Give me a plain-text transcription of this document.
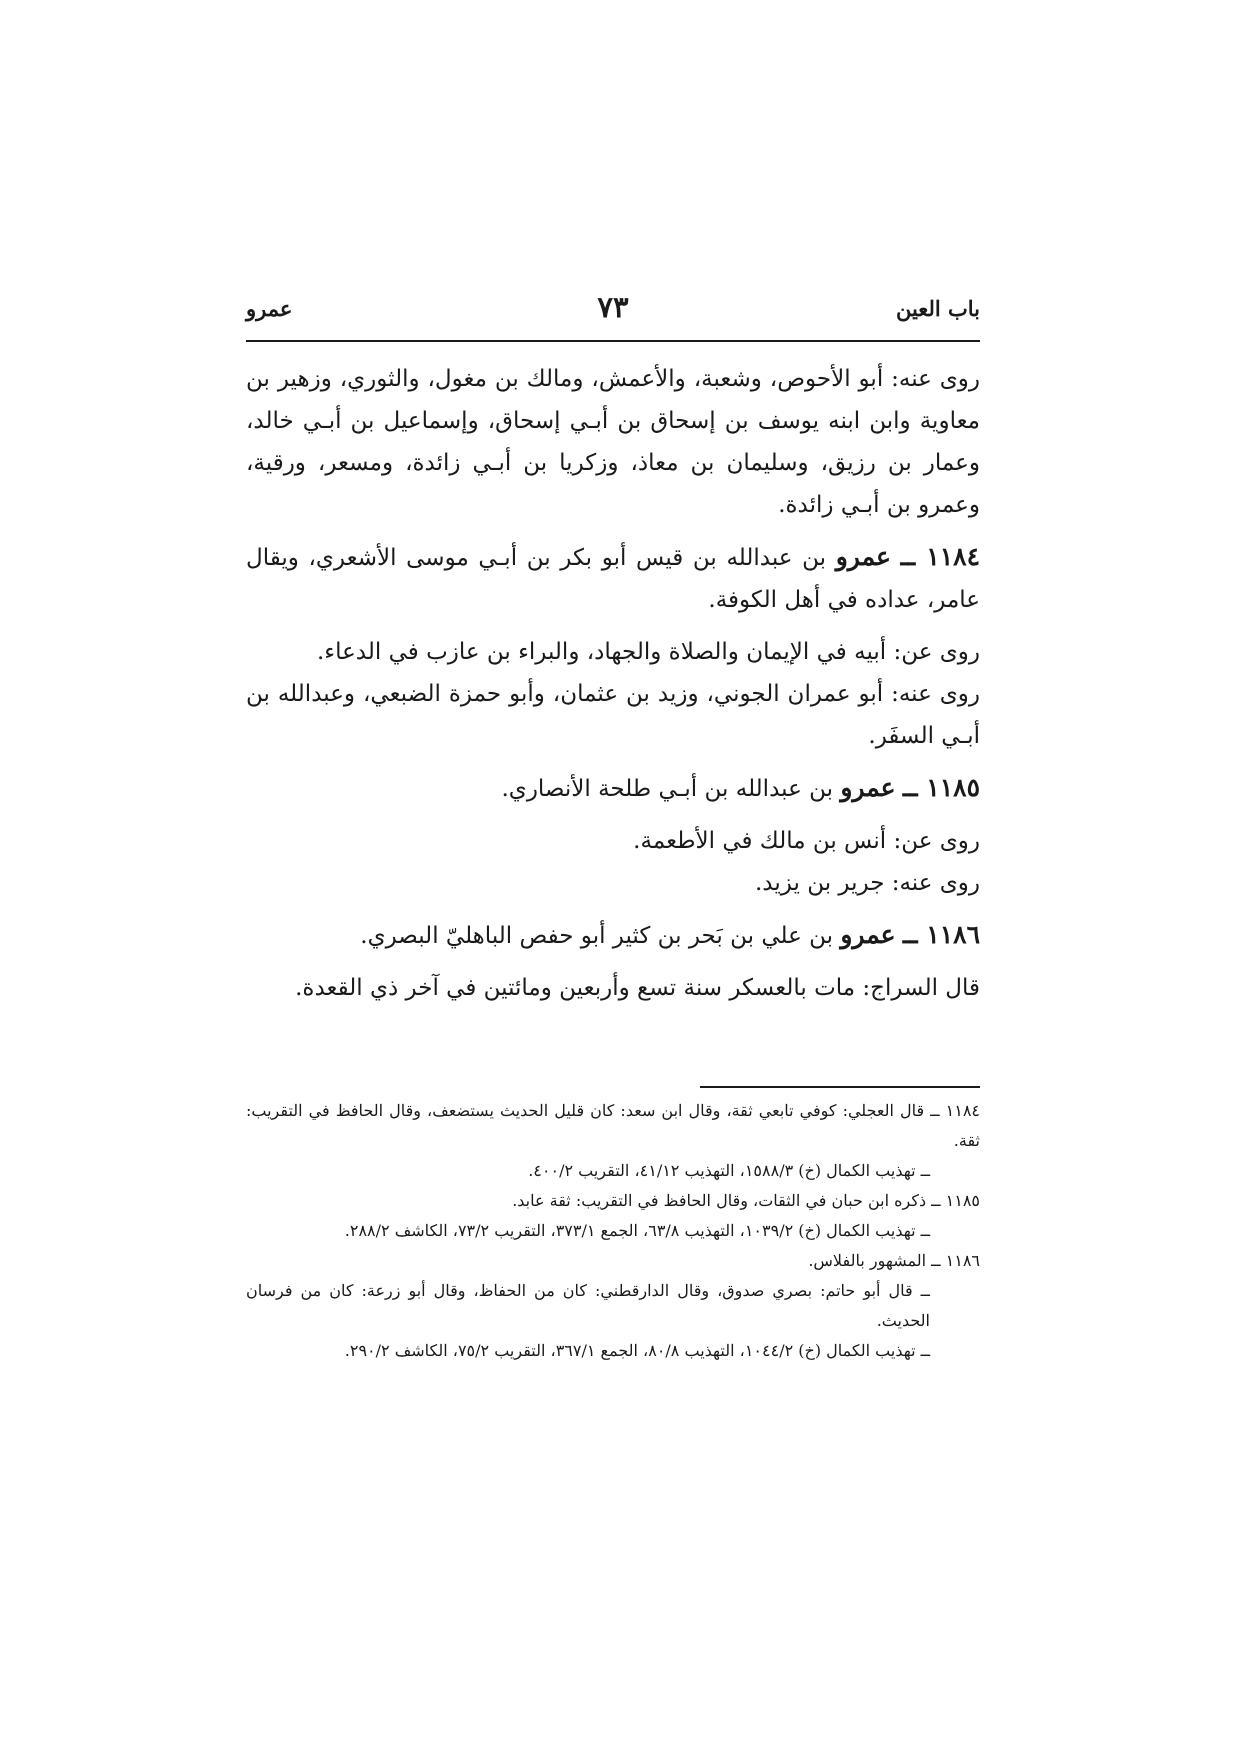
باب العين
٧٣
عمرو

روى عنه: أبو الأحوص، وشعبة، والأعمش، ومالك بن مغول، والثوري، وزهير بن معاوية وابن ابنه يوسف بن إسحاق بن أبـي إسحاق، وإسماعيل بن أبـي خالد، وعمار بن رزيق، وسليمان بن معاذ، وزكريا بن أبـي زائدة، ومسعر، ورقية، وعمرو بن أبـي زائدة.

١١٨٤ ــ عمرو بن عبدالله بن قيس أبو بكر بن أبـي موسى الأشعري، ويقال عامر، عداده في أهل الكوفة.

روى عن: أبيه في الإيمان والصلاة والجهاد، والبراء بن عازب في الدعاء.

روى عنه: أبو عمران الجوني، وزيد بن عثمان، وأبو حمزة الضبعي، وعبدالله بن أبـي السفَر.

١١٨٥ ــ عمرو بن عبدالله بن أبـي طلحة الأنصاري.

روى عن: أنس بن مالك في الأطعمة.

روى عنه: جرير بن يزيد.

١١٨٦ ــ عمرو بن علي بن بَحر بن كثير أبو حفص الباهليّ البصري.

قال السراج: مات بالعسكر سنة تسع وأربعين ومائتين في آخر ذي القعدة.

١١٨٤ ــ قال العجلي: كوفي تابعي ثقة، وقال ابن سعد: كان قليل الحديث يستضعف، وقال الحافظ في التقريب: ثقة.

ــ تهذيب الكمال (خ) ١٥٨٨/٣، التهذيب ٤١/١٢، التقريب ٤٠٠/٢.

١١٨٥ ــ ذكره ابن حبان في الثقات، وقال الحافظ في التقريب: ثقة عابد.

ــ تهذيب الكمال (خ) ١٠٣٩/٢، التهذيب ٦٣/٨، الجمع ٣٧٣/١، التقريب ٧٣/٢، الكاشف ٢٨٨/٢.

١١٨٦ ــ المشهور بالفلاس.

ــ قال أبو حاتم: بصري صدوق، وقال الدارقطني: كان من الحفاظ، وقال أبو زرعة: كان من فرسان الحديث.

ــ تهذيب الكمال (خ) ١٠٤٤/٢، التهذيب ٨٠/٨، الجمع ٣٦٧/١، التقريب ٧٥/٢، الكاشف ٢٩٠/٢.
